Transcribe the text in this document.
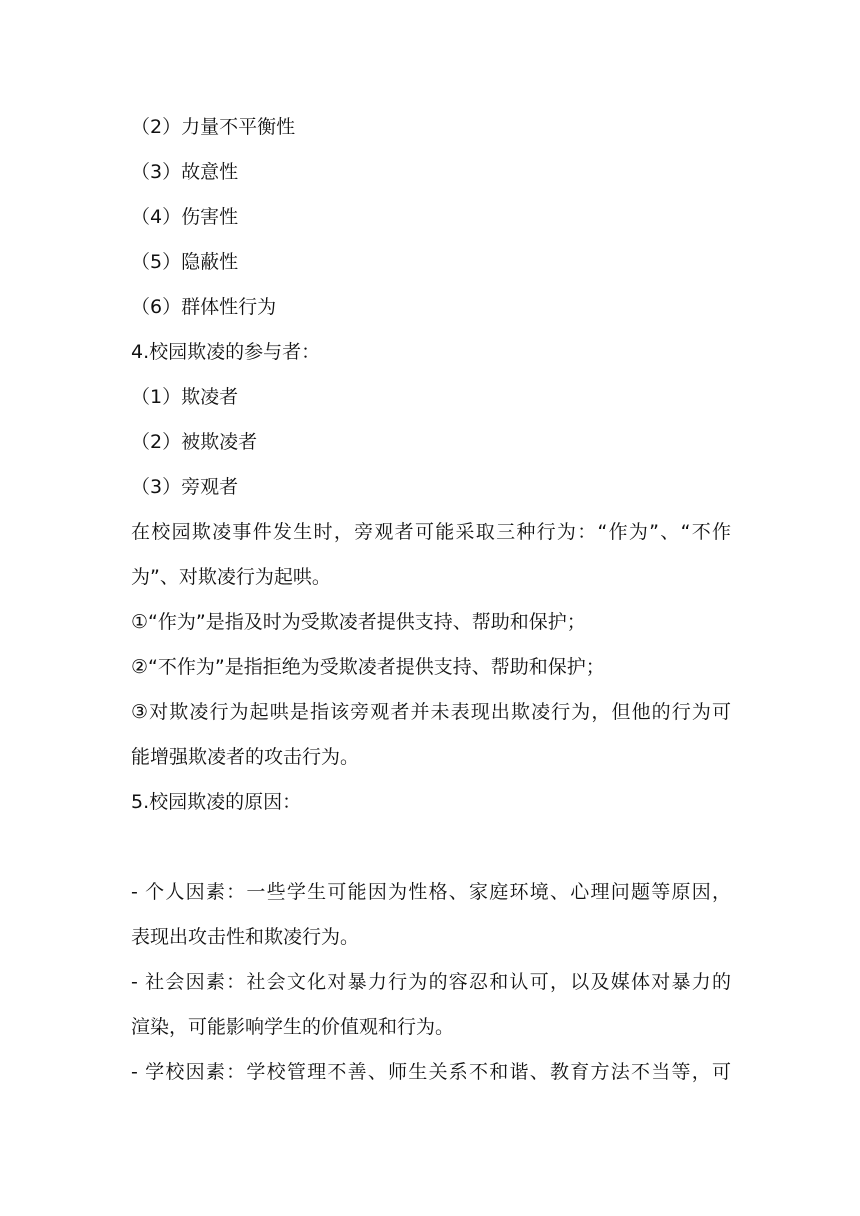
（2）力量不平衡性
（3）故意性
（4）伤害性
（5）隐蔽性
（6）群体性行为
4.校园欺凌的参与者：
（1）欺凌者
（2）被欺凌者
（3）旁观者
在校园欺凌事件发生时，旁观者可能采取三种行为：“作为”、“不作
为”、对欺凌行为起哄。
①“作为”是指及时为受欺凌者提供支持、帮助和保护；
②“不作为”是指拒绝为受欺凌者提供支持、帮助和保护；
③对欺凌行为起哄是指该旁观者并未表现出欺凌行为，但他的行为可
能增强欺凌者的攻击行为。
5.校园欺凌的原因：
- 个人因素：一些学生可能因为性格、家庭环境、心理问题等原因，
表现出攻击性和欺凌行为。
- 社会因素：社会文化对暴力行为的容忍和认可，以及媒体对暴力的
渲染，可能影响学生的价值观和行为。
- 学校因素：学校管理不善、师生关系不和谐、教育方法不当等，可
